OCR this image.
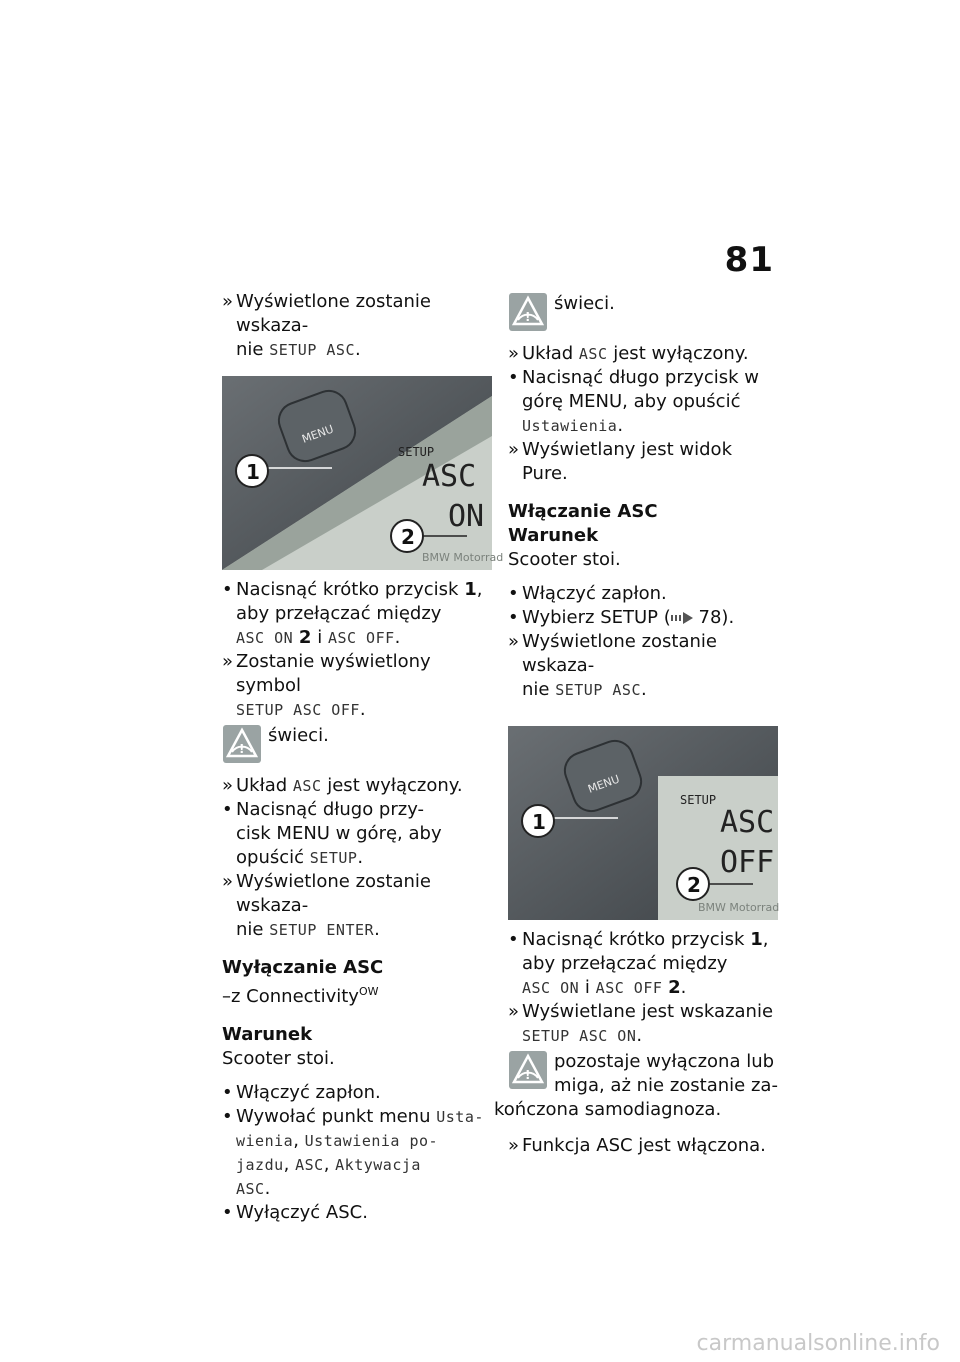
81
» Wyświetlone zostanie wskaza-
nie SETUP ASC.
MENU
SETUP
ASC
ON
1
2
BMW Motorrad
• Nacisnąć krótko przycisk 1,
aby przełączać między
ASC ON 2 i ASC OFF.
» Zostanie wyświetlony symbol
SETUP ASC OFF.
!
świeci.
» Układ ASC jest wyłączony.
• Nacisnąć długo przy-
cisk MENU w górę, aby
opuścić SETUP.
» Wyświetlone zostanie wskaza-
nie SETUP ENTER.
Wyłączanie ASC
–z Connectivity$^{OW}$
Warunek

Scooter stoi.

• Włączyć zapłon.
• Wywołać punkt menu Usta-
wienia, Ustawienia po-
jazdu, ASC, Aktywacja
ASC.
• Wyłączyć ASC.
!
świeci.
» Układ ASC jest wyłączony.
• Nacisnąć długo przycisk w
górę MENU, aby opuścić
Ustawienia.
» Wyświetlany jest widok Pure.
Włączanie ASC
Warunek

Scooter stoi.

• Włączyć zapłon.
• Wybierz SETUP ( 78).
» Wyświetlone zostanie wskaza-
nie SETUP ASC.
MENU
SETUP
ASC
OFF
1
2
BMW Motorrad
• Nacisnąć krótko przycisk 1,
aby przełączać między
ASC ON i ASC OFF 2.
» Wyświetlane jest wskazanie
SETUP ASC ON.
!
pozostaje wyłączona lub
miga, aż nie zostanie za-
kończona samodiagnoza.
» Funkcja ASC jest włączona.
carmanualsonline.info
